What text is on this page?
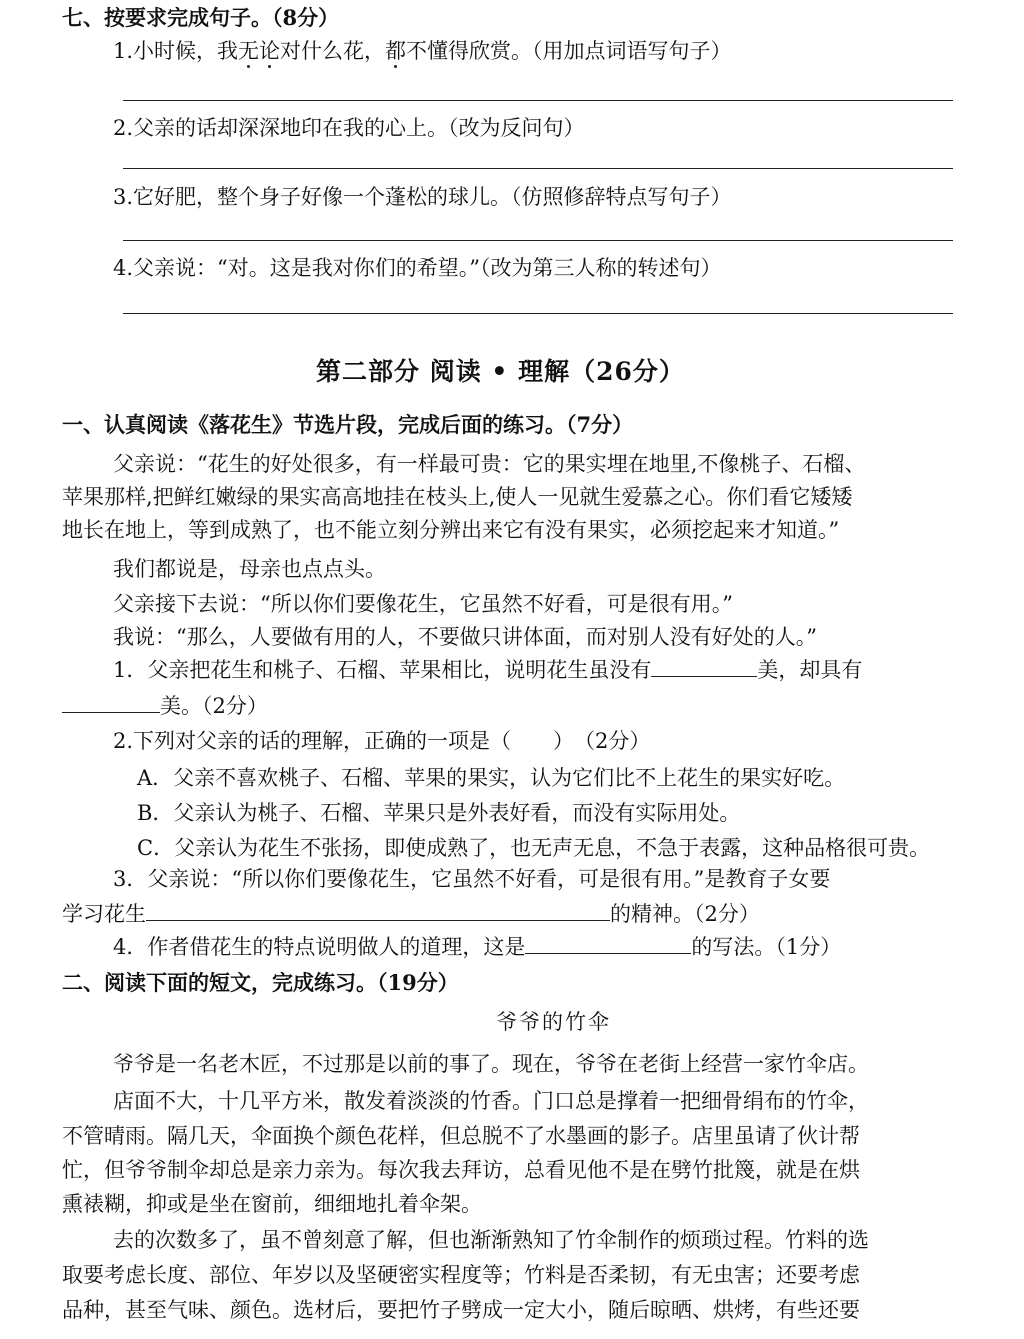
七、按要求完成句子。（8分）
1.小时候，我无论对什么花，都不懂得欣赏。（用加点词语写句子）
2.父亲的话却深深地印在我的心上。（改为反问句）
3.它好肥，整个身子好像一个蓬松的球儿。（仿照修辞特点写句子）
4.父亲说：“对。这是我对你们的希望。”（改为第三人称的转述句）
第二部分 阅读 • 理解（26分）
一、认真阅读《落花生》节选片段，完成后面的练习。（7分）
父亲说：“花生的好处很多，有一样最可贵：它的果实埋在地里,不像桃子、石榴、
苹果那样,把鲜红嫩绿的果实高高地挂在枝头上,使人一见就生爱慕之心。你们看它矮矮
地长在地上，等到成熟了，也不能立刻分辨出来它有没有果实，必须挖起来才知道。”
我们都说是，母亲也点点头。
父亲接下去说：“所以你们要像花生，它虽然不好看，可是很有用。”
我说：“那么，人要做有用的人，不要做只讲体面，而对别人没有好处的人。”
1．父亲把花生和桃子、石榴、苹果相比，说明花生虽没有	美，却具有
美。（2分）
2.下列对父亲的话的理解，正确的一项是（　　）　（2分）
A．父亲不喜欢桃子、石榴、苹果的果实，认为它们比不上花生的果实好吃。
B．父亲认为桃子、石榴、苹果只是外表好看，而没有实际用处。
C．父亲认为花生不张扬，即使成熟了，也无声无息，不急于表露，这种品格很可贵。
3．父亲说：“所以你们要像花生，它虽然不好看，可是很有用。”是教育子女要
学习花生	的精神。（2分）
4．作者借花生的特点说明做人的道理，这是	的写法。（1分）
二、阅读下面的短文，完成练习。（19分）
爷爷的竹伞
爷爷是一名老木匠，不过那是以前的事了。现在，爷爷在老街上经营一家竹伞店。
店面不大，十几平方米，散发着淡淡的竹香。门口总是撑着一把细骨绢布的竹伞，
不管晴雨。隔几天，伞面换个颜色花样，但总脱不了水墨画的影子。店里虽请了伙计帮
忙，但爷爷制伞却总是亲力亲为。每次我去拜访，总看见他不是在劈竹批篾，就是在烘
熏裱糊，抑或是坐在窗前，细细地扎着伞架。
去的次数多了，虽不曾刻意了解，但也渐渐熟知了竹伞制作的烦琐过程。竹料的选
取要考虑长度、部位、年岁以及坚硬密实程度等；竹料是否柔韧，有无虫害；还要考虑
品种，甚至气味、颜色。选材后，要把竹子劈成一定大小，随后晾晒、烘烤，有些还要
